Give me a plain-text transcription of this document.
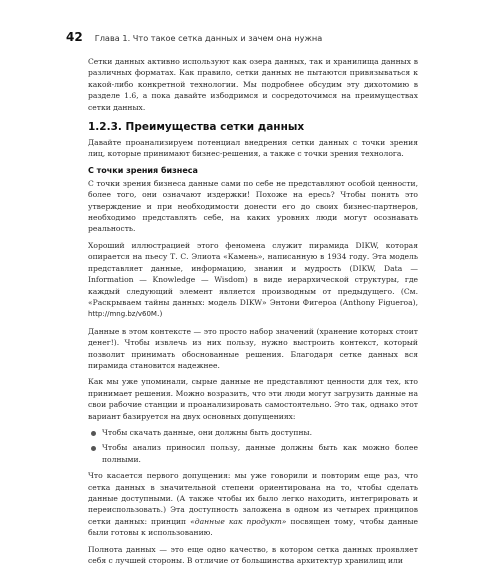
42 Глава 1. Что такое сетка данных и зачем она нужна

Сетки данных активно используют как озера данных, так и хранилища данных в различных форматах. Как правило, сетки данных не пытаются привязываться к какой-либо конкретной технологии. Мы подробнее обсудим эту дихотомию в разделе 1.6, а пока давайте избодримся и сосредоточимся на преимуществах сетки данных.

1.2.3. Преимущества сетки данных

Давайте проанализируем потенциал внедрения сетки данных с точки зрения лиц, которые принимают бизнес-решения, а также с точки зрения технолога.

С точки зрения бизнеса

С точки зрения бизнеса данные сами по себе не представляют особой ценности, более того, они означают издержки! Похоже на ересь? Чтобы понять это утверждение и при необходимости донести его до своих бизнес-партнеров, необходимо представлять себе, на каких уровнях люди могут осознавать реальность.

Хороший иллюстрацией этого феномена служит пирамида DIKW, которая опирается на пьесу Т. С. Элиота «Камень», написанную в 1934 году. Эта модель представляет данные, информацию, знания и мудрость (DIKW, Data — Information — Knowledge — Wisdom) в виде иерархической структуры, где каждый следующий элемент является производным от предыдущего. (См. «Раскрываем тайны данных: модель DIKW» Энтони Фигероа (Anthony Figueroa), http://mng.bz/v60M.)

Данные в этом контексте — это просто набор значений (хранение которых стоит денег!). Чтобы извлечь из них пользу, нужно выстроить контекст, который позволит принимать обоснованные решения. Благодаря сетке данных вся пирамида становится надежнее.

Как мы уже упоминали, сырые данные не представляют ценности для тех, кто принимает решения. Можно возразить, что эти люди могут загрузить данные на свои рабочие станции и проанализировать самостоятельно. Это так, однако этот вариант базируется на двух основных допущениях:

Чтобы скачать данные, они должны быть доступны.
Чтобы анализ приносил пользу, данные должны быть как можно более полными.

Что касается первого допущения: мы уже говорили и повторим еще раз, что сетка данных в значительной степени ориентирована на то, чтобы сделать данные доступными. (А также чтобы их было легко находить, интегрировать и переиспользовать.) Эта доступность заложена в одном из четырех принципов сетки данных: принцип «данные как продукт» посвящен тому, чтобы данные были готовы к использованию.

Полнота данных — это еще одно качество, в котором сетка данных проявляет себя с лучшей стороны. В отличие от большинства архитектур хранилищ или
